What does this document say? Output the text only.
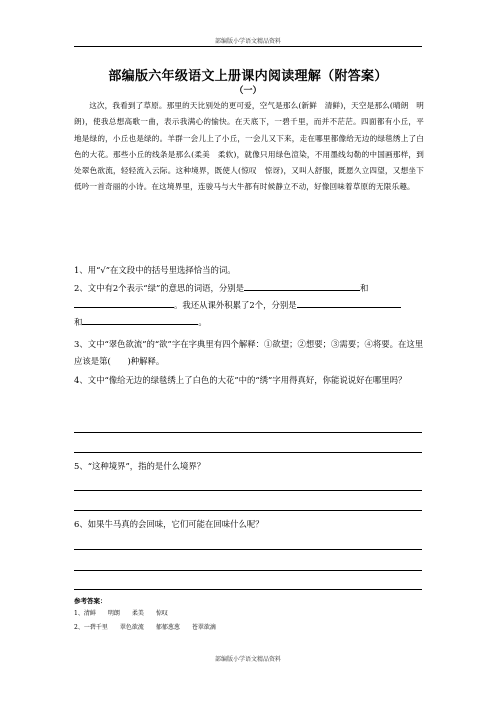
部编版小学语文精品资料
部编版六年级语文上册课内阅读理解（附答案）
（一）

这次，我看到了草原。那里的天比别处的更可爱，空气是那么(新鲜　清鲜)，天空是那么(晴朗　明朗)，使我总想高歌一曲，表示我满心的愉快。在天底下，一碧千里，而并不茫茫。四面都有小丘，平地是绿的，小丘也是绿的。羊群一会儿上了小丘，一会儿又下来，走在哪里都像给无边的绿毯绣上了白色的大花。那些小丘的线条是那么(柔美　柔软)，就像只用绿色渲染，不用墨线勾勒的中国画那样，到处翠色欲流，轻轻流入云际。这种境界，既使人(惊叹　惊讶)，又叫人舒服，既愿久立四望，又想坐下低吟一首奇丽的小诗。在这境界里，连骏马与大牛都有时候静立不动，好像回味着草原的无限乐趣。

1、用“√”在文段中的括号里选择恰当的词。

2、文中有2个表示“绿”的意思的词语，分别是	和
。我还从课外积累了2个，分别是
和	。

3、文中“翠色欲流”的“欲”字在字典里有四个解释：①欲望；②想要；③需要；④将要。在这里应该是第(　　)种解释。

4、文中“像给无边的绿毯绣上了白色的大花”中的“绣”字用得真好，你能说说好在哪里吗？

5、“这种境界”，指的是什么境界？

6、如果牛马真的会回味，它们可能在回味什么呢？

参考答案：
1、清鲜　　明朗　　柔美　　惊叹
2、一碧千里　　翠色欲流　　郁郁葱葱　　苍翠欲滴
部编版小学语文精品资料
